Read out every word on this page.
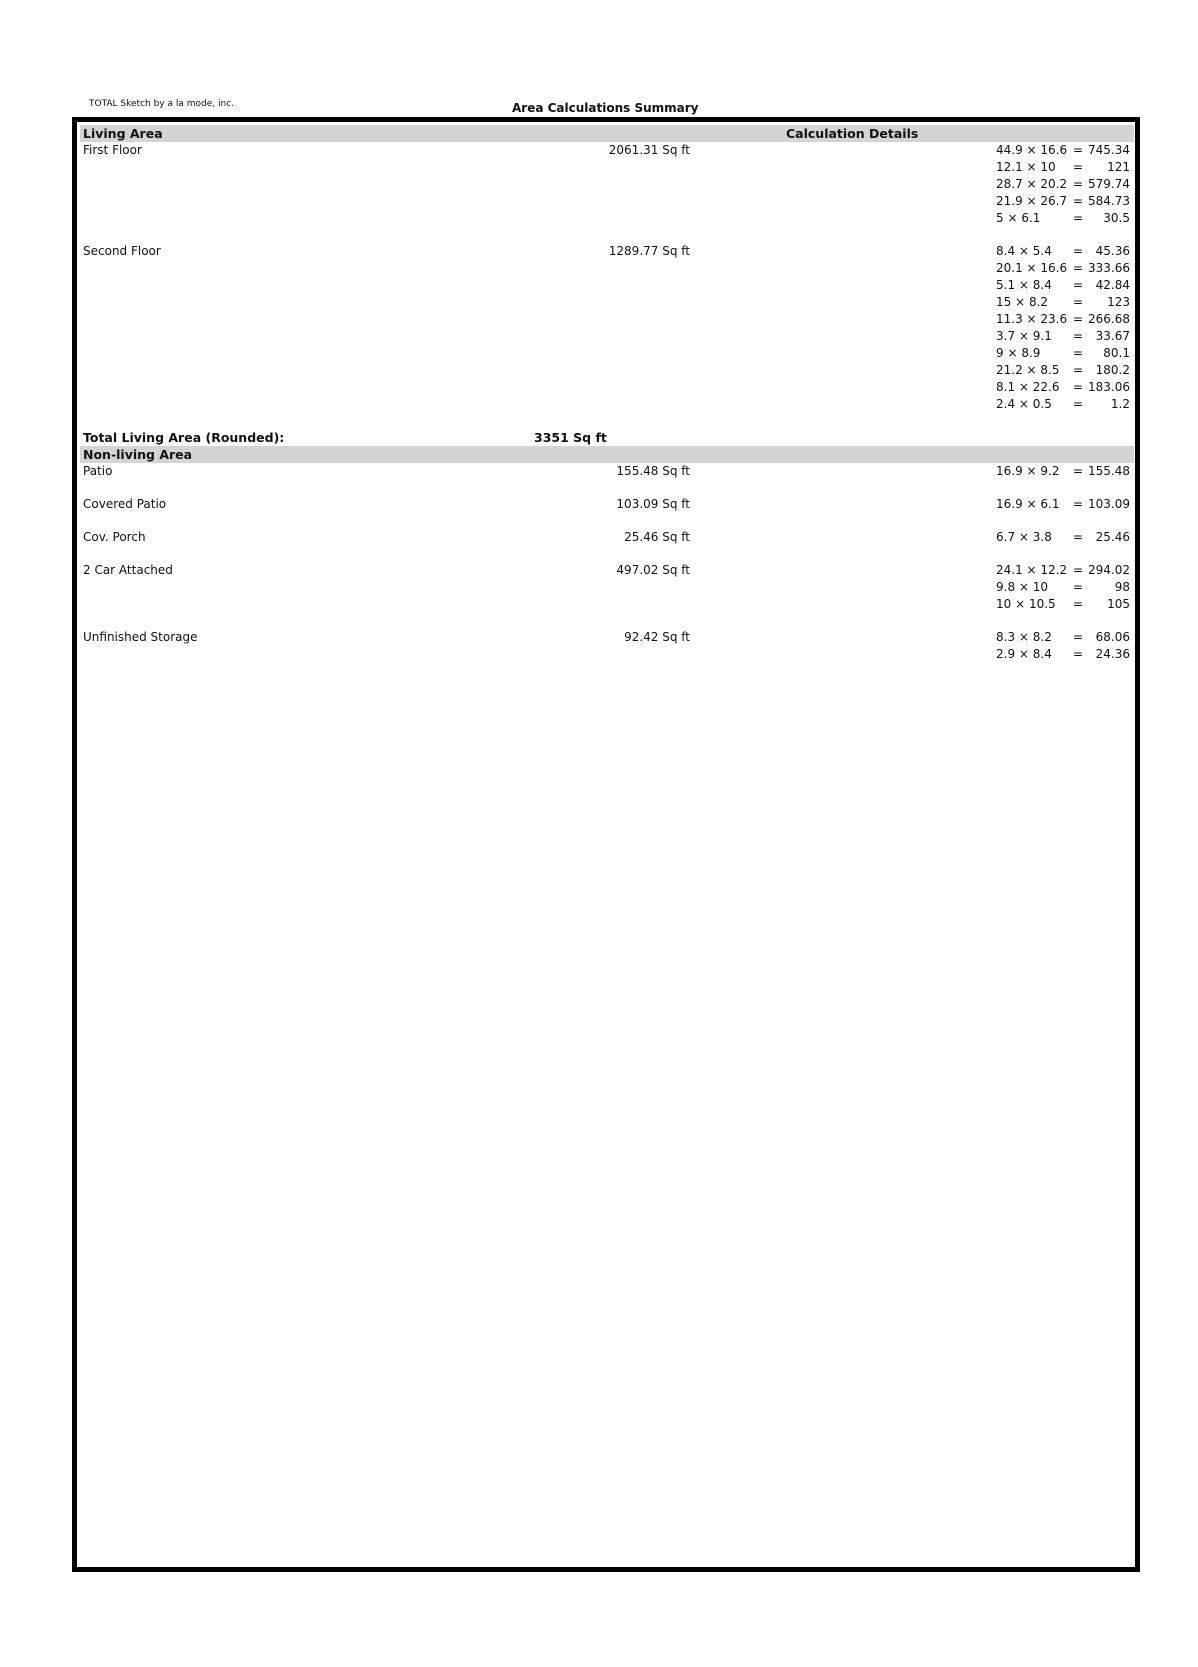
TOTAL Sketch by a la mode, inc.	Area Calculations Summary
Living Area	Calculation Details
First Floor	2061.31 Sq ft	44.9 × 16.6 = 745.34
12.1 × 10 = 121
28.7 × 20.2 = 579.74
21.9 × 26.7 = 584.73
5 × 6.1	= 30.5
Second Floor	1289.77 Sq ft	8.4 × 5.4 = 45.36
20.1 × 16.6 = 333.66
5.1 × 8.4 = 42.84
15 × 8.2 = 123
11.3 × 23.6 = 266.68
3.7 × 9.1 = 33.67
9 × 8.9	= 80.1
21.2 × 8.5 = 180.2
8.1 × 22.6 = 183.06
2.4 × 0.5 = 1.2
Total Living Area (Rounded):	3351 Sq ft
Non-living Area
Patio	155.48 Sq ft	16.9 × 9.2 = 155.48
Covered Patio	103.09 Sq ft	16.9 × 6.1 = 103.09
Cov. Porch	25.46 Sq ft	6.7 × 3.8 = 25.46
2 Car Attached	497.02 Sq ft	24.1 × 12.2 = 294.02
9.8 × 10 =	98
10 × 10.5 = 105
Unfinished Storage	92.42 Sq ft	8.3 × 8.2 = 68.06
2.9 × 8.4 = 24.36
